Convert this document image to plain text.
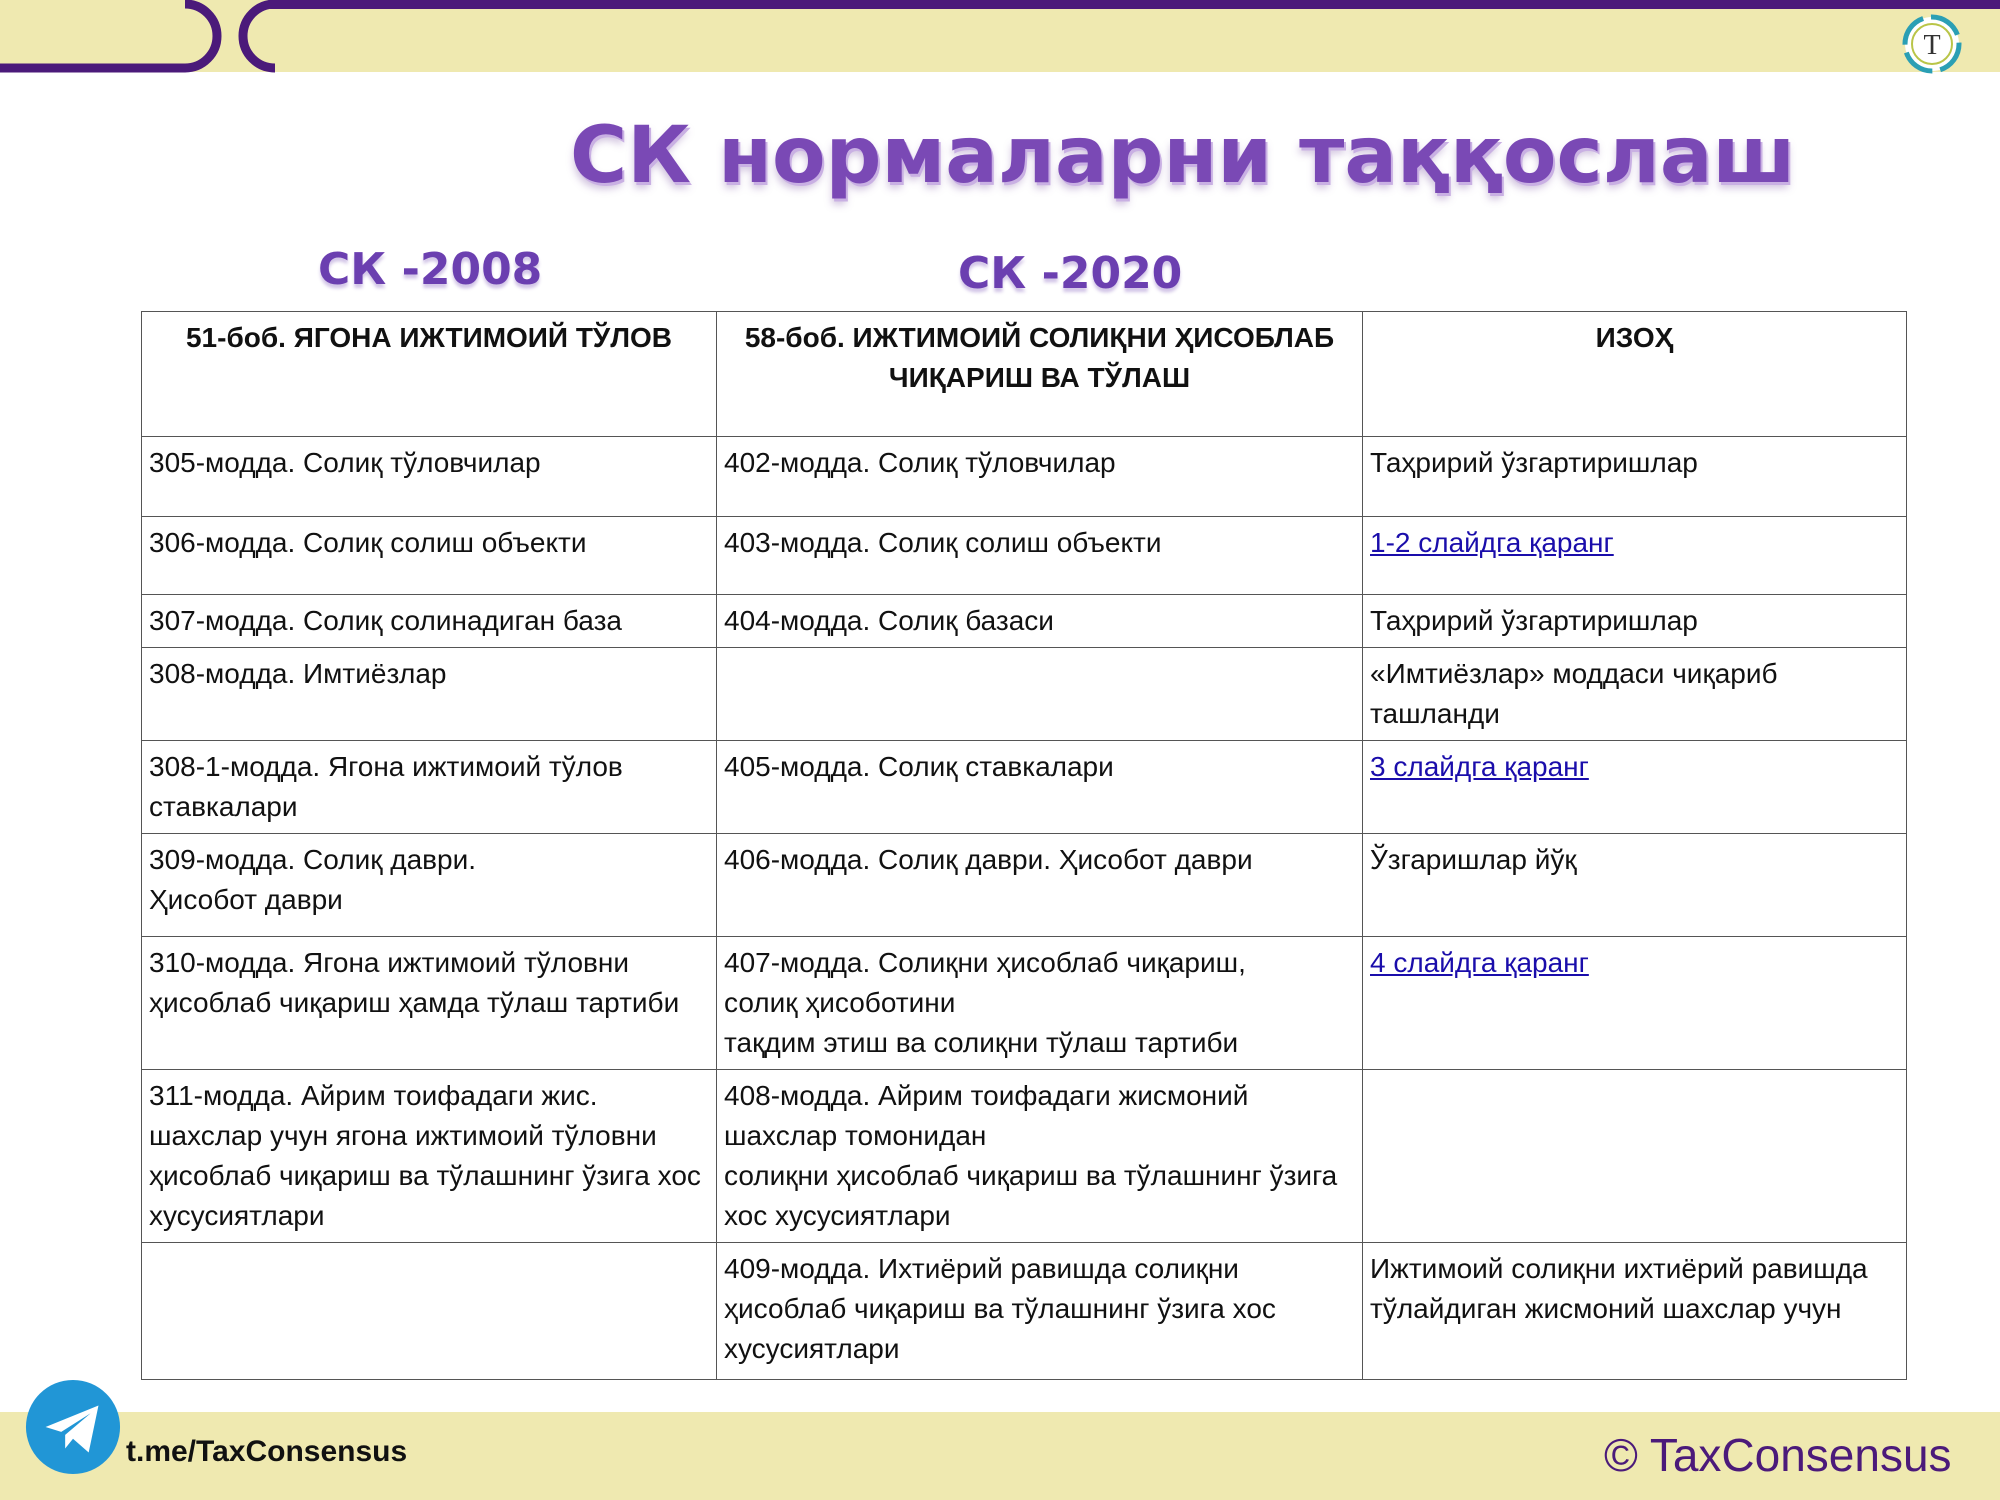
T
СК нормаларни таққослаш
СК -2008	СК -2020
51-боб. ЯГОНА ИЖТИМОИЙ ТЎЛОВ	58-боб. ИЖТИМОИЙ СОЛИҚНИ ҲИСОБЛАБ ЧИҚАРИШ ВА ТЎЛАШ	ИЗОҲ
305-модда. Солиқ тўловчилар	402-модда. Солиқ тўловчилар	Таҳририй ўзгартиришлар
306-модда. Солиқ солиш объекти	403-модда. Солиқ солиш объекти	1-2 слайдга қаранг
307-модда. Солиқ солинадиган база	404-модда. Солиқ базаси	Таҳририй ўзгартиришлар
308-модда. Имтиёзлар		«Имтиёзлар» моддаси чиқариб ташланди
308-1-модда. Ягона ижтимоий тўлов ставкалари	405-модда. Солиқ ставкалари	3 слайдга қаранг
309-модда. Солиқ даври.
Ҳисобот даври	406-модда. Солиқ даври. Ҳисобот даври	Ўзгаришлар йўқ
310-модда. Ягона ижтимоий тўловни ҳисоблаб чиқариш ҳамда тўлаш тартиби	407-модда. Солиқни ҳисоблаб чиқариш,
солиқ ҳисоботини
тақдим этиш ва солиқни тўлаш тартиби	4 слайдга қаранг
311-модда. Айрим тоифадаги жис. шахслар учун ягона ижтимоий тўловни ҳисоблаб чиқариш ва тўлашнинг ўзига хос хусусиятлари	408-модда. Айрим тоифадаги жисмоний шахслар томонидан
солиқни ҳисоблаб чиқариш ва тўлашнинг ўзига хос хусусиятлари	
	409-модда. Ихтиёрий равишда солиқни ҳисоблаб чиқариш ва тўлашнинг ўзига хос хусусиятлари	Ижтимоий солиқни ихтиёрий равишда тўлайдиган жисмоний шахслар учун
t.me/TaxConsensus	© TaxConsensus
